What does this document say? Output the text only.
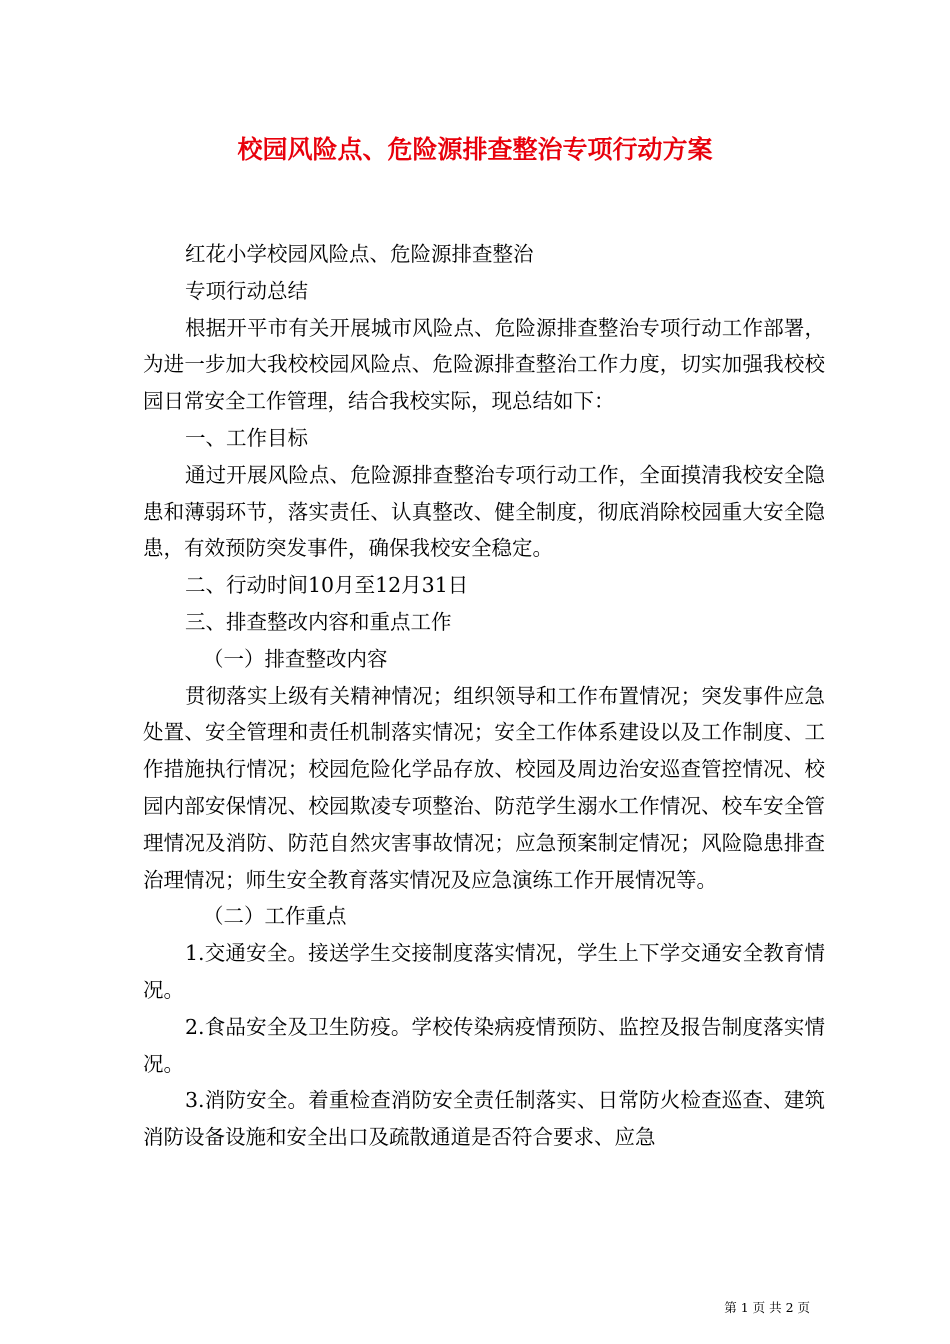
校园风险点、危险源排查整治专项行动方案

红花小学校园风险点、危险源排查整治

专项行动总结

根据开平市有关开展城市风险点、危险源排查整治专项行动工作部署，为进一步加大我校校园风险点、危险源排查整治工作力度，切实加强我校校园日常安全工作管理，结合我校实际，现总结如下：

一、工作目标

通过开展风险点、危险源排查整治专项行动工作，全面摸清我校安全隐患和薄弱环节，落实责任、认真整改、健全制度，彻底消除校园重大安全隐患，有效预防突发事件，确保我校安全稳定。

二、行动时间10月至12月31日

三、排查整改内容和重点工作

（一）排查整改内容

贯彻落实上级有关精神情况；组织领导和工作布置情况；突发事件应急处置、安全管理和责任机制落实情况；安全工作体系建设以及工作制度、工作措施执行情况；校园危险化学品存放、校园及周边治安巡查管控情况、校园内部安保情况、校园欺凌专项整治、防范学生溺水工作情况、校车安全管理情况及消防、防范自然灾害事故情况；应急预案制定情况；风险隐患排查治理情况；师生安全教育落实情况及应急演练工作开展情况等。

（二）工作重点

1.交通安全。接送学生交接制度落实情况，学生上下学交通安全教育情况。

2.食品安全及卫生防疫。学校传染病疫情预防、监控及报告制度落实情况。

3.消防安全。着重检查消防安全责任制落实、日常防火检查巡查、建筑消防设备设施和安全出口及疏散通道是否符合要求、应急

第 1 页 共 2 页
